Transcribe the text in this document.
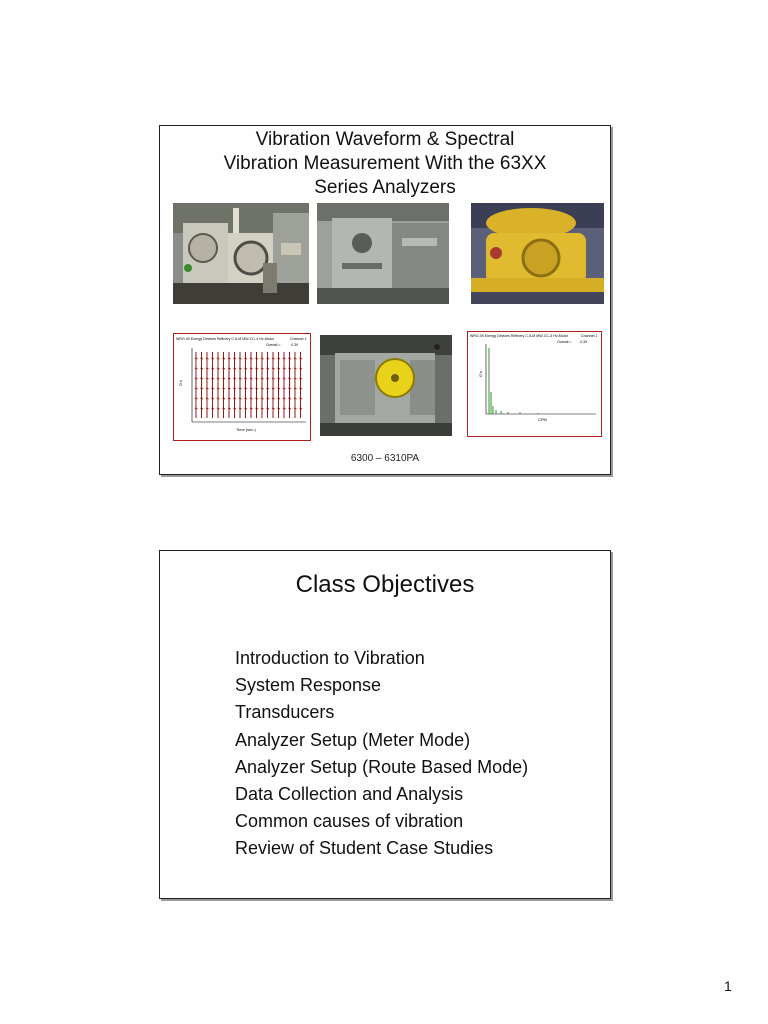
Vibration Waveform & Spectral
Vibration Measurement With the 63XX
Series Analyzers
WRG.09 Energy Devices Refinery C-5-M MW-CC-4 Hv-Motor	Channel 1
Overall =	0.39
G's
Time (sec.)
WRG.09 Energy Devices Refinery C-5-M MW-CC-4 Hv-Motor	Channel 1
Overall = 0.39
G's
CPM
6300 – 6310PA
Class Objectives
Introduction to Vibration
System Response
Transducers
Analyzer Setup (Meter Mode)
Analyzer Setup (Route Based Mode)
Data Collection and Analysis
Common causes of vibration
Review of Student Case Studies
1
